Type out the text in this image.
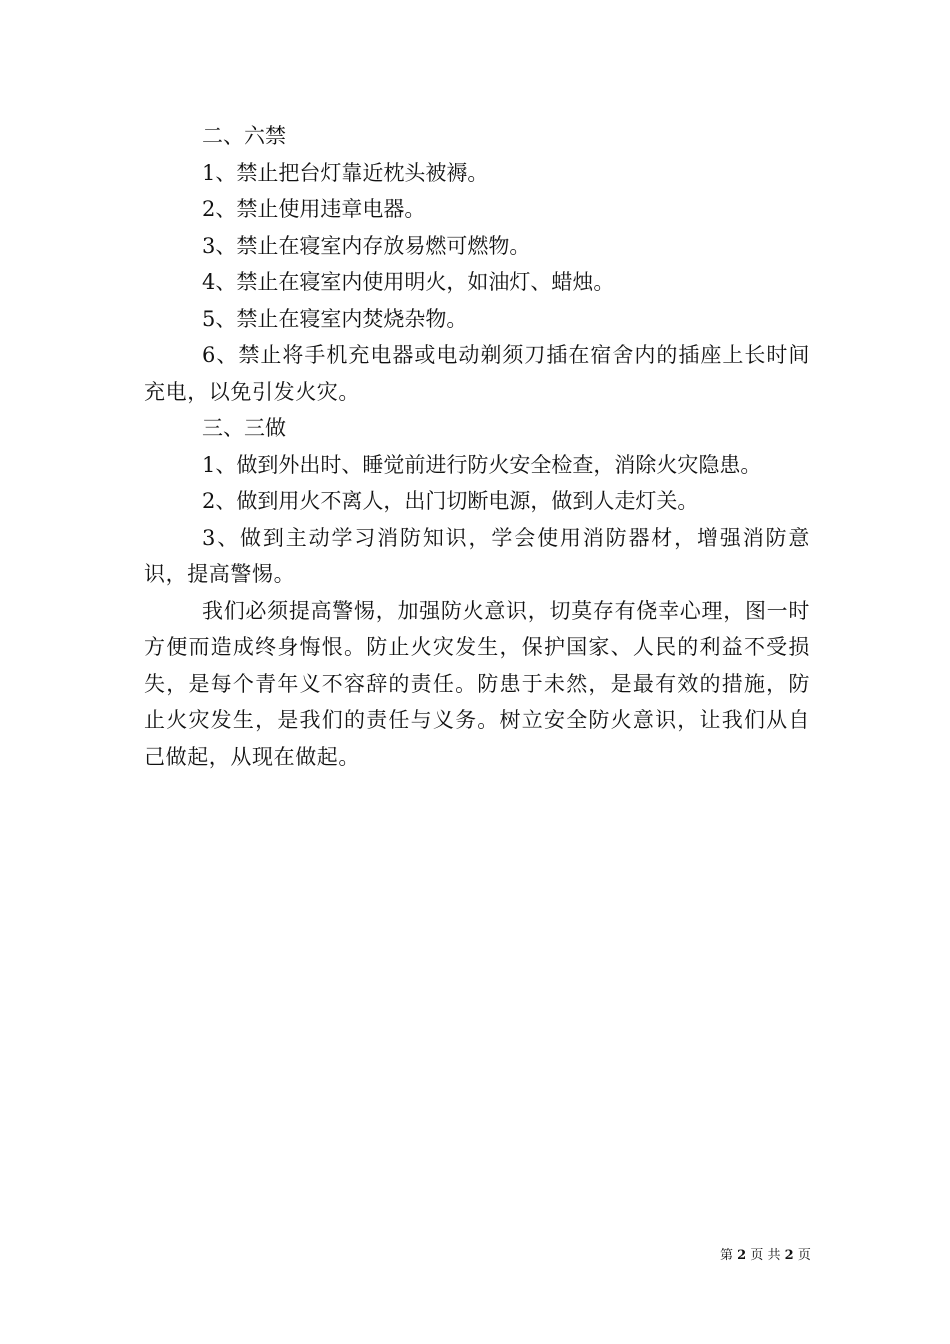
二、六禁

1、禁止把台灯靠近枕头被褥。

2、禁止使用违章电器。

3、禁止在寝室内存放易燃可燃物。

4、禁止在寝室内使用明火，如油灯、蜡烛。

5、禁止在寝室内焚烧杂物。

6、禁止将手机充电器或电动剃须刀插在宿舍内的插座上长时间充电，以免引发火灾。

三、三做

1、做到外出时、睡觉前进行防火安全检查，消除火灾隐患。

2、做到用火不离人，出门切断电源，做到人走灯关。

3、做到主动学习消防知识，学会使用消防器材，增强消防意识，提高警惕。

我们必须提高警惕，加强防火意识，切莫存有侥幸心理，图一时方便而造成终身悔恨。防止火灾发生，保护国家、人民的利益不受损失，是每个青年义不容辞的责任。防患于未然，是最有效的措施，防止火灾发生，是我们的责任与义务。树立安全防火意识，让我们从自己做起，从现在做起。

第 2 页 共 2 页
